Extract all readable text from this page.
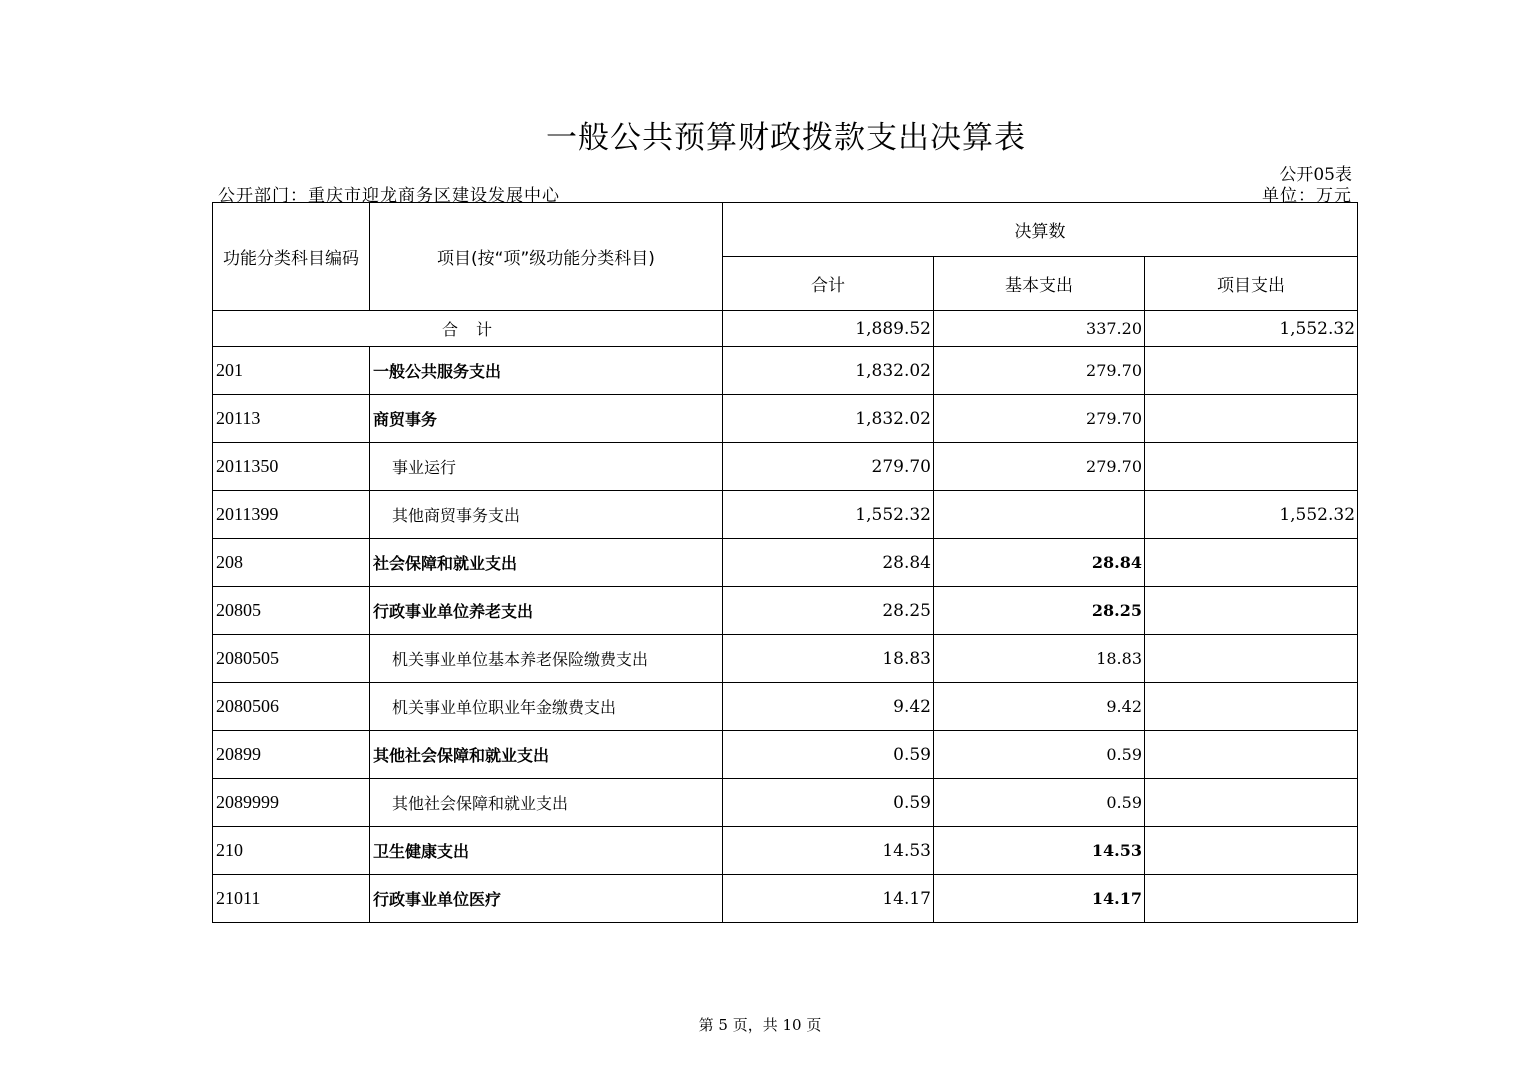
一般公共预算财政拨款支出决算表
公开05表
公开部门：重庆市迎龙商务区建设发展中心	单位：万元
功能分类科目编码	项目(按“项”级功能分类科目)	决算数		
		合计	基本支出	项目支出
合　计		1,889.52	337.20	1,552.32
201	一般公共服务支出	1,832.02	279.70	
20113	商贸事务	1,832.02	279.70	
2011350	事业运行	279.70	279.70	
2011399	其他商贸事务支出	1,552.32		1,552.32
208	社会保障和就业支出	28.84	28.84	
20805	行政事业单位养老支出	28.25	28.25	
2080505	机关事业单位基本养老保险缴费支出	18.83	18.83	
2080506	机关事业单位职业年金缴费支出	9.42	9.42	
20899	其他社会保障和就业支出	0.59	0.59	
2089999	其他社会保障和就业支出	0.59	0.59	
210	卫生健康支出	14.53	14.53	
21011	行政事业单位医疗	14.17	14.17	
第 5 页，共 10 页
